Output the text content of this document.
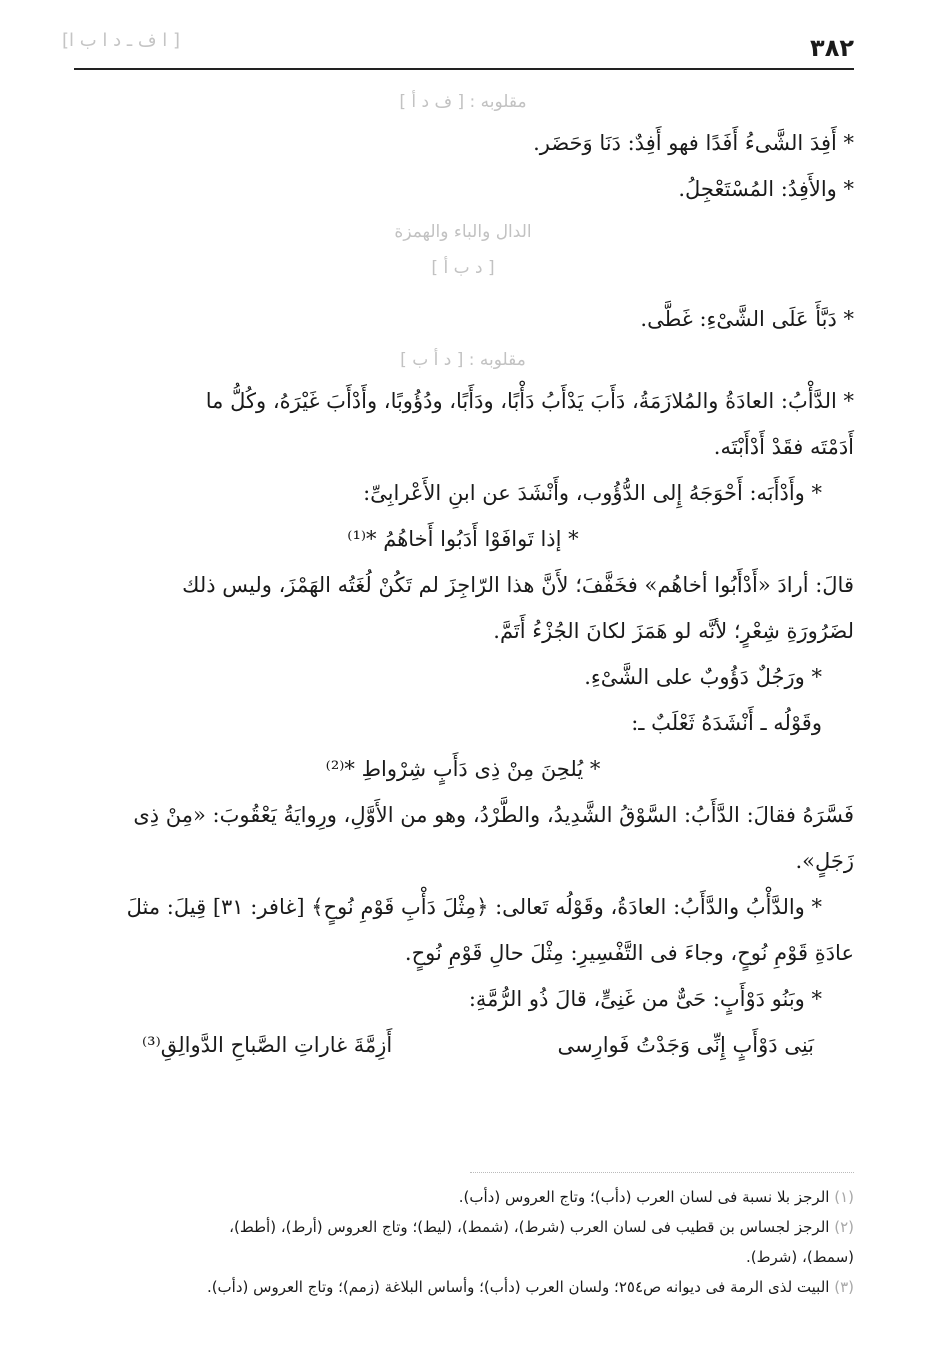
[ا ف ـ د ا ب ا ]	٣٨٢
مقلوبه : [ ف د أ ]
* أَفِدَ الشَّىءُ أَفَدًا فهو أَفِدٌ: دَنَا وَحَضَر.
* والأَفِدُ: المُسْتَعْجِلُ.
الدال والباء والهمزة
[ د ب أ ]
* دَبَّأَ عَلَى الشَّىْءِ: غَطَّى.
مقلوبه : [ د أ ب ]
* الدَّأْبُ: العادَةُ والمُلازَمَةُ، دَأَبَ يَدْأَبُ دَأْبًا، ودَأَبًا، ودُؤُوبًا، وأَدْأَبَ غَيْرَهُ، وكُلُّ ما
أَدَمْتَه فقَدْ أَدْأَبْتَه.
* وأَدْأَبَه: أَحْوَجَهُ إِلى الدُّؤُوب، وأَنْشَدَ عن ابنِ الأَعْرابِىِّ:
* إذا تَوافَوْا أَدَبُوا أَخاهُمُ *⁽¹⁾
قالَ: أرادَ «أَدْأَبُوا أخاهُم» فخَفَّفَ؛ لأَنَّ هذا الرّاجِزَ لم تَكُنْ لُغَتُه الهَمْزَ، وليس ذلك
لضَرُورَةِ شِعْرٍ؛ لأنَّه لو هَمَزَ لكانَ الجُزْءُ أَتَمَّ.
* ورَجُلٌ دَؤُوبٌ على الشَّىْءِ.
وقَوْلُه ـ أَنْشَدَهُ ثَعْلَبٌ ـ:
* يُلحِنَ مِنْ ذِى دَأَبٍ شِرْواطِ *⁽²⁾
فَسَّرَهُ فقالَ: الدَّأَبُ: السَّوْقُ الشَّدِيدُ، والطَّرْدُ، وهو من الأَوَّلِ، ورِوايَةُ يَعْقُوبَ: «مِنْ ذِى
زَجَلٍ».
* والدَّأْبُ والدَّأَبُ: العادَةُ، وقَوْلُه تَعالى: ﴿مِثْلَ دَأْبِ قَوْمِ نُوحٍ﴾ [غافر: ٣١] قِيلَ: مثلَ
عادَةِ قَوْمِ نُوحٍ، وجاءَ فى التَّفْسِيرِ: مِثْلَ حالِ قَوْمِ نُوحٍ.
* وبَنُو دَوْأَبٍ: حَىٌّ من غَنِىٍّ، قالَ ذُو الرُّمَّةِ:
بَنِى دَوْأَبٍ إِنِّى وَجَدْتُ فَوارِسى
أَزِمَّةَ غاراتِ الصَّباحِ الدَّوالِقِ⁽³⁾
(١) الرجز بلا نسبة فى لسان العرب (دأب)؛ وتاج العروس (دأب).
(٢) الرجز لجساس بن قطيب فى لسان العرب (شرط)، (شمط)، (ليط)؛ وتاج العروس (أرط)، (أطط)،
(سمط)، (شرط).
(٣) البيت لذى الرمة فى ديوانه ص٢٥٤؛ ولسان العرب (دأب)؛ وأساس البلاغة (زمم)؛ وتاج العروس (دأب).
